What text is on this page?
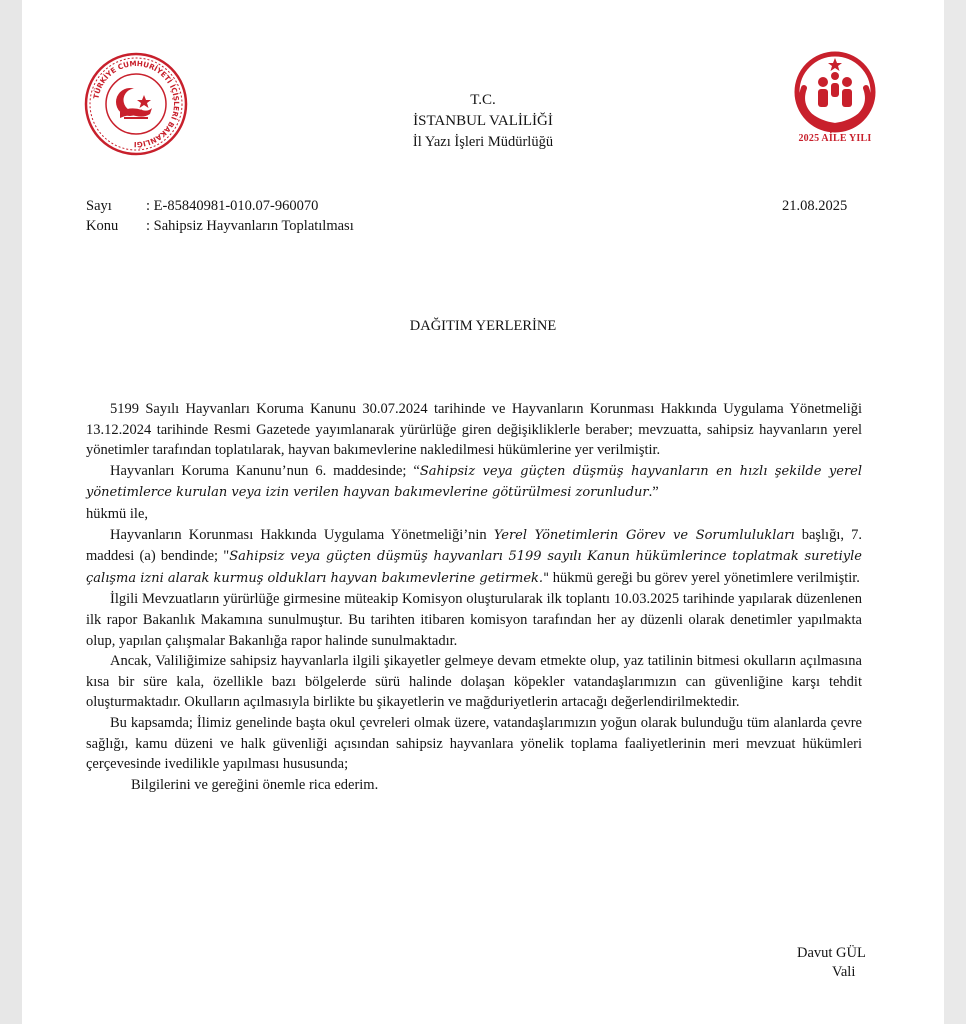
TÜRKİYE CUMHURİYETİ İÇİŞLERİ BAKANLIĞI
2025 AİLE YILI
T.C.
İSTANBUL VALİLİĞİ
İl Yazı İşleri Müdürlüğü
Sayı : E-85840981-010.07-960070
Konu : Sahipsiz Hayvanların Toplatılması
21.08.2025
DAĞITIM YERLERİNE

5199 Sayılı Hayvanları Koruma Kanunu 30.07.2024 tarihinde ve Hayvanların Korunması Hakkında Uygulama Yönetmeliği 13.12.2024 tarihinde Resmi Gazetede yayımlanarak yürürlüğe giren değişikliklerle beraber; mevzuatta, sahipsiz hayvanların yerel yönetimler tarafından toplatılarak, hayvan bakımevlerine nakledilmesi hükümlerine yer verilmiştir.

Hayvanları Koruma Kanunu’nun 6. maddesinde; “Sahipsiz veya güçten düşmüş hayvanların en hızlı şekilde yerel yönetimlerce kurulan veya izin verilen hayvan bakımevlerine götürülmesi zorunludur.”

hükmü ile,

Hayvanların Korunması Hakkında Uygulama Yönetmeliği’nin Yerel Yönetimlerin Görev ve Sorumlulukları başlığı, 7. maddesi (a) bendinde; "Sahipsiz veya güçten düşmüş hayvanları 5199 sayılı Kanun hükümlerince toplatmak suretiyle çalışma izni alarak kurmuş oldukları hayvan bakımevlerine getirmek." hükmü gereği bu görev yerel yönetimlere verilmiştir.

İlgili Mevzuatların yürürlüğe girmesine müteakip Komisyon oluşturularak ilk toplantı 10.03.2025 tarihinde yapılarak düzenlenen ilk rapor Bakanlık Makamına sunulmuştur. Bu tarihten itibaren komisyon tarafından her ay düzenli olarak denetimler yapılmakta olup, yapılan çalışmalar Bakanlığa rapor halinde sunulmaktadır.

Ancak, Valiliğimize sahipsiz hayvanlarla ilgili şikayetler gelmeye devam etmekte olup, yaz tatilinin bitmesi okulların açılmasına kısa bir süre kala, özellikle bazı bölgelerde sürü halinde dolaşan köpekler vatandaşlarımızın can güvenliğine karşı tehdit oluşturmaktadır. Okulların açılmasıyla birlikte bu şikayetlerin ve mağduriyetlerin artacağı değerlendirilmektedir.

Bu kapsamda; İlimiz genelinde başta okul çevreleri olmak üzere, vatandaşlarımızın yoğun olarak bulunduğu tüm alanlarda çevre sağlığı, kamu düzeni ve halk güvenliği açısından sahipsiz hayvanlara yönelik toplama faaliyetlerinin meri mevzuat hükümleri çerçevesinde ivedilikle yapılması hususunda;

Bilgilerini ve gereğini önemle rica ederim.

Davut GÜL
Vali
